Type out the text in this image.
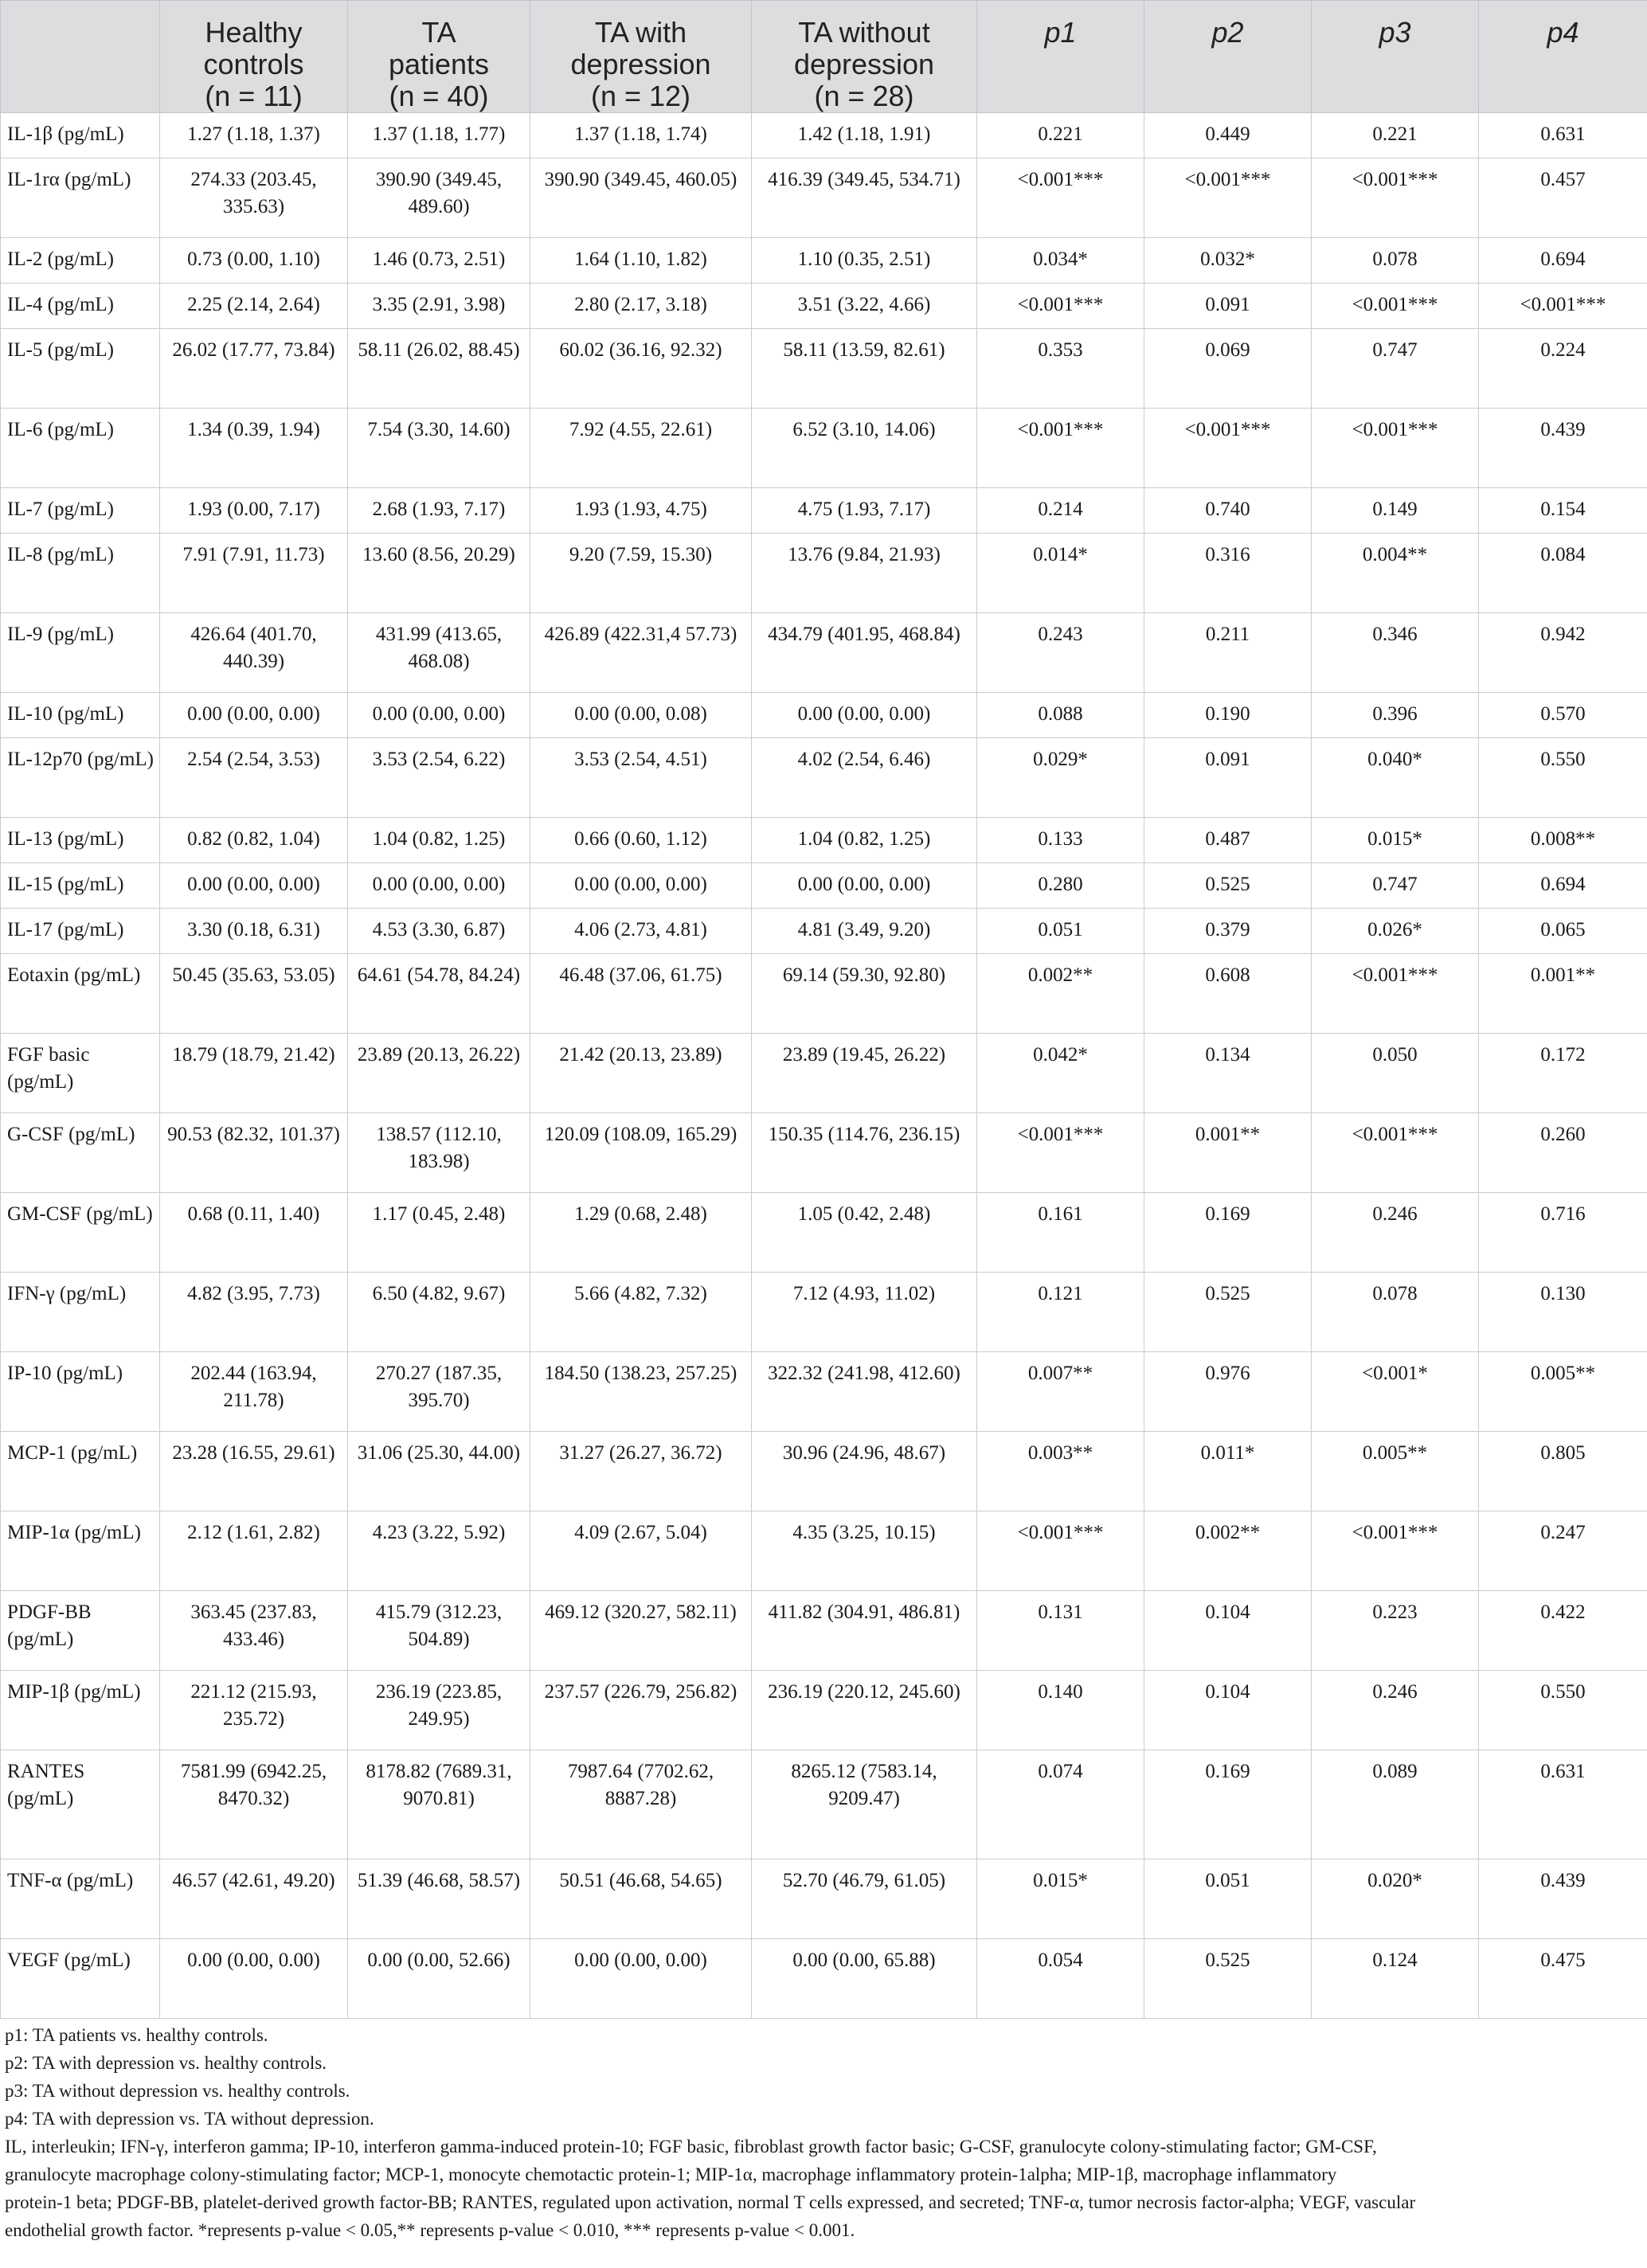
	Healthy
controls
(n = 11)	TA
patients
(n = 40)	TA with
depression
(n = 12)	TA without
depression
(n = 28)	p1	p2	p3	p4
IL-1β (pg/mL)	1.27 (1.18, 1.37)	1.37 (1.18, 1.77)	1.37 (1.18, 1.74)	1.42 (1.18, 1.91)	0.221	0.449	0.221	0.631
IL-1rα (pg/mL)	274.33 (203.45, 335.63)	390.90 (349.45, 489.60)	390.90 (349.45, 460.05)	416.39 (349.45, 534.71)	<0.001***	<0.001***	<0.001***	0.457
IL-2 (pg/mL)	0.73 (0.00, 1.10)	1.46 (0.73, 2.51)	1.64 (1.10, 1.82)	1.10 (0.35, 2.51)	0.034*	0.032*	0.078	0.694
IL-4 (pg/mL)	2.25 (2.14, 2.64)	3.35 (2.91, 3.98)	2.80 (2.17, 3.18)	3.51 (3.22, 4.66)	<0.001***	0.091	<0.001***	<0.001***
IL-5 (pg/mL)	26.02 (17.77, 73.84)	58.11 (26.02, 88.45)	60.02 (36.16, 92.32)	58.11 (13.59, 82.61)	0.353	0.069	0.747	0.224
IL-6 (pg/mL)	1.34 (0.39, 1.94)	7.54 (3.30, 14.60)	7.92 (4.55, 22.61)	6.52 (3.10, 14.06)	<0.001***	<0.001***	<0.001***	0.439
IL-7 (pg/mL)	1.93 (0.00, 7.17)	2.68 (1.93, 7.17)	1.93 (1.93, 4.75)	4.75 (1.93, 7.17)	0.214	0.740	0.149	0.154
IL-8 (pg/mL)	7.91 (7.91, 11.73)	13.60 (8.56, 20.29)	9.20 (7.59, 15.30)	13.76 (9.84, 21.93)	0.014*	0.316	0.004**	0.084
IL-9 (pg/mL)	426.64 (401.70, 440.39)	431.99 (413.65, 468.08)	426.89 (422.31,4 57.73)	434.79 (401.95, 468.84)	0.243	0.211	0.346	0.942
IL-10 (pg/mL)	0.00 (0.00, 0.00)	0.00 (0.00, 0.00)	0.00 (0.00, 0.08)	0.00 (0.00, 0.00)	0.088	0.190	0.396	0.570
IL-12p70 (pg/mL)	2.54 (2.54, 3.53)	3.53 (2.54, 6.22)	3.53 (2.54, 4.51)	4.02 (2.54, 6.46)	0.029*	0.091	0.040*	0.550
IL-13 (pg/mL)	0.82 (0.82, 1.04)	1.04 (0.82, 1.25)	0.66 (0.60, 1.12)	1.04 (0.82, 1.25)	0.133	0.487	0.015*	0.008**
IL-15 (pg/mL)	0.00 (0.00, 0.00)	0.00 (0.00, 0.00)	0.00 (0.00, 0.00)	0.00 (0.00, 0.00)	0.280	0.525	0.747	0.694
IL-17 (pg/mL)	3.30 (0.18, 6.31)	4.53 (3.30, 6.87)	4.06 (2.73, 4.81)	4.81 (3.49, 9.20)	0.051	0.379	0.026*	0.065
Eotaxin (pg/mL)	50.45 (35.63, 53.05)	64.61 (54.78, 84.24)	46.48 (37.06, 61.75)	69.14 (59.30, 92.80)	0.002**	0.608	<0.001***	0.001**
FGF basic (pg/mL)	18.79 (18.79, 21.42)	23.89 (20.13, 26.22)	21.42 (20.13, 23.89)	23.89 (19.45, 26.22)	0.042*	0.134	0.050	0.172
G-CSF (pg/mL)	90.53 (82.32, 101.37)	138.57 (112.10, 183.98)	120.09 (108.09, 165.29)	150.35 (114.76, 236.15)	<0.001***	0.001**	<0.001***	0.260
GM-CSF (pg/mL)	0.68 (0.11, 1.40)	1.17 (0.45, 2.48)	1.29 (0.68, 2.48)	1.05 (0.42, 2.48)	0.161	0.169	0.246	0.716
IFN-γ (pg/mL)	4.82 (3.95, 7.73)	6.50 (4.82, 9.67)	5.66 (4.82, 7.32)	7.12 (4.93, 11.02)	0.121	0.525	0.078	0.130
IP-10 (pg/mL)	202.44 (163.94, 211.78)	270.27 (187.35, 395.70)	184.50 (138.23, 257.25)	322.32 (241.98, 412.60)	0.007**	0.976	<0.001*	0.005**
MCP-1 (pg/mL)	23.28 (16.55, 29.61)	31.06 (25.30, 44.00)	31.27 (26.27, 36.72)	30.96 (24.96, 48.67)	0.003**	0.011*	0.005**	0.805
MIP-1α (pg/mL)	2.12 (1.61, 2.82)	4.23 (3.22, 5.92)	4.09 (2.67, 5.04)	4.35 (3.25, 10.15)	<0.001***	0.002**	<0.001***	0.247
PDGF-BB (pg/mL)	363.45 (237.83, 433.46)	415.79 (312.23, 504.89)	469.12 (320.27, 582.11)	411.82 (304.91, 486.81)	0.131	0.104	0.223	0.422
MIP-1β (pg/mL)	221.12 (215.93, 235.72)	236.19 (223.85, 249.95)	237.57 (226.79, 256.82)	236.19 (220.12, 245.60)	0.140	0.104	0.246	0.550
RANTES (pg/mL)	7581.99 (6942.25, 8470.32)	8178.82 (7689.31, 9070.81)	7987.64 (7702.62, 8887.28)	8265.12 (7583.14, 9209.47)	0.074	0.169	0.089	0.631
TNF-α (pg/mL)	46.57 (42.61, 49.20)	51.39 (46.68, 58.57)	50.51 (46.68, 54.65)	52.70 (46.79, 61.05)	0.015*	0.051	0.020*	0.439
VEGF (pg/mL)	0.00 (0.00, 0.00)	0.00 (0.00, 52.66)	0.00 (0.00, 0.00)	0.00 (0.00, 65.88)	0.054	0.525	0.124	0.475

p1: TA patients vs. healthy controls.

p2: TA with depression vs. healthy controls.

p3: TA without depression vs. healthy controls.

p4: TA with depression vs. TA without depression.

IL, interleukin; IFN-γ, interferon gamma; IP-10, interferon gamma-induced protein-10; FGF basic, fibroblast growth factor basic; G-CSF, granulocyte colony-stimulating factor; GM-CSF,

granulocyte macrophage colony-stimulating factor; MCP-1, monocyte chemotactic protein-1; MIP-1α, macrophage inflammatory protein-1alpha; MIP-1β, macrophage inflammatory

protein-1 beta; PDGF-BB, platelet-derived growth factor-BB; RANTES, regulated upon activation, normal T cells expressed, and secreted; TNF-α, tumor necrosis factor-alpha; VEGF, vascular

endothelial growth factor. *represents p-value < 0.05,** represents p-value < 0.010, *** represents p-value < 0.001.
